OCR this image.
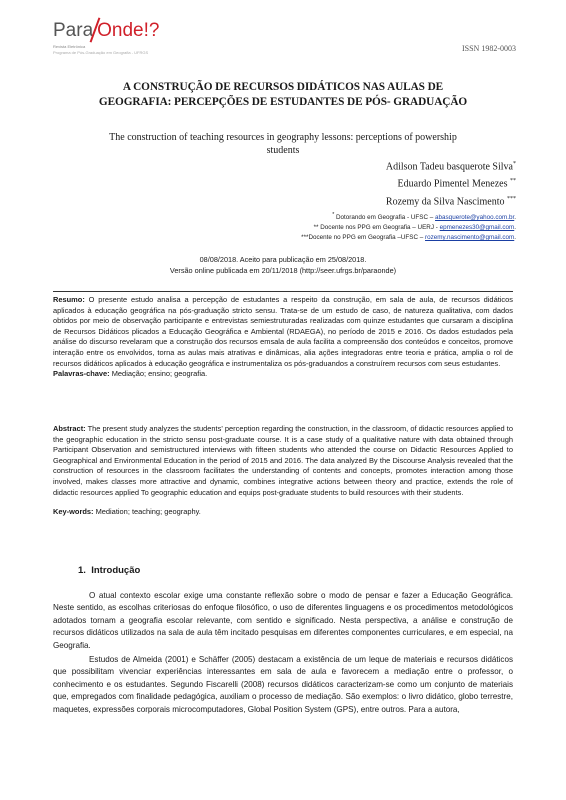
Para Onde!?
Revista Eletrônica
Programa de Pós-Graduação em Geografia - UFRGS	ISSN 1982-0003
A CONSTRUÇÃO DE RECURSOS DIDÁTICOS NAS AULAS DE
GEOGRAFIA: PERCEPÇÕES DE ESTUDANTES DE PÓS- GRADUAÇÃO
The construction of teaching resources in geography lessons: perceptions of powership students
Adilson Tadeu basquerote Silva*
Eduardo Pimentel Menezes **
Rozemy da Silva Nascimento ***
* Dotorando em Geografia - UFSC – abasquerote@yahoo.com.br.
** Docente nos PPG em Geografia – UERJ - epmenezes30@gmail.com.
***Docente no PPG em Geografia –UFSC – rozemy.nascimento@gmail.com.
08/08/2018. Aceito para publicação em 25/08/2018.
Versão online publicada em 20/11/2018 (http://seer.ufrgs.br/paraonde)
Resumo: O presente estudo analisa a percepção de estudantes a respeito da construção, em sala de aula, de recursos didáticos aplicados à educação geográfica na pós-graduação stricto sensu. Trata-se de um estudo de caso, de natureza qualitativa, com dados obtidos por meio de observação participante e entrevistas semiestruturadas realizadas com quinze estudantes que cursaram a disciplina de Recursos Didáticos plicados a Educação Geográfica e Ambiental (RDAEGA), no período de 2015 e 2016. Os dados estudados pela análise do discurso revelaram que a construção dos recursos emsala de aula facilita a compreensão dos conteúdos e conceitos, promove interação entre os envolvidos, torna as aulas mais atrativas e dinâmicas, alia ações integradoras entre teoria e prática, amplia o rol de recursos didáticos aplicados à educação geográfica e instrumentaliza os pós-graduandos a construírem recursos com seus estudantes.
Palavras-chave: Mediação; ensino; geografia.
Abstract: The present study analyzes the students' perception regarding the construction, in the classroom, of didactic resources applied to the geographic education in the stricto sensu post-graduate course. It is a case study of a qualitative nature with data obtained through Participant Observation and semistructured interviews with fifteen students who attended the course on Didactic Resources Applied to Geographical and Environmental Education in the period of 2015 and 2016. The data analyzed By the Discourse Analysis revealed that the construction of resources in the classroom facilitates the understanding of contents and concepts, promotes interaction among those involved, makes classes more attractive and dynamic, combines integrative actions between theory and practice, extends the role of didactic resources applied To geographic education and equips post-graduate students to build resources with their students.
Key-words: Mediation; teaching; geography.
1. Introdução
O atual contexto escolar exige uma constante reflexão sobre o modo de pensar e fazer a Educação Geográfica. Neste sentido, as escolhas criteriosas do enfoque filosófico, o uso de diferentes linguagens e os procedimentos metodológicos adotados tornam a geografia escolar relevante, com sentido e significado. Nesta perspectiva, a análise e construção de recursos didáticos utilizados na sala de aula têm incitado pesquisas em diferentes componentes curriculares, e em especial, na Geografia.
Estudos de Almeida (2001) e Schäffer (2005) destacam a existência de um leque de materiais e recursos didáticos que possibilitam vivenciar experiências interessantes em sala de aula e favorecem a mediação entre o professor, o conhecimento e os estudantes. Segundo Fiscarelli (2008) recursos didáticos caracterizam-se como um conjunto de materiais que, empregados com finalidade pedagógica, auxiliam o processo de mediação. São exemplos: o livro didático, globo terrestre, maquetes, expressões corporais microcomputadores, Global Position System (GPS), entre outros. Para a autora,
